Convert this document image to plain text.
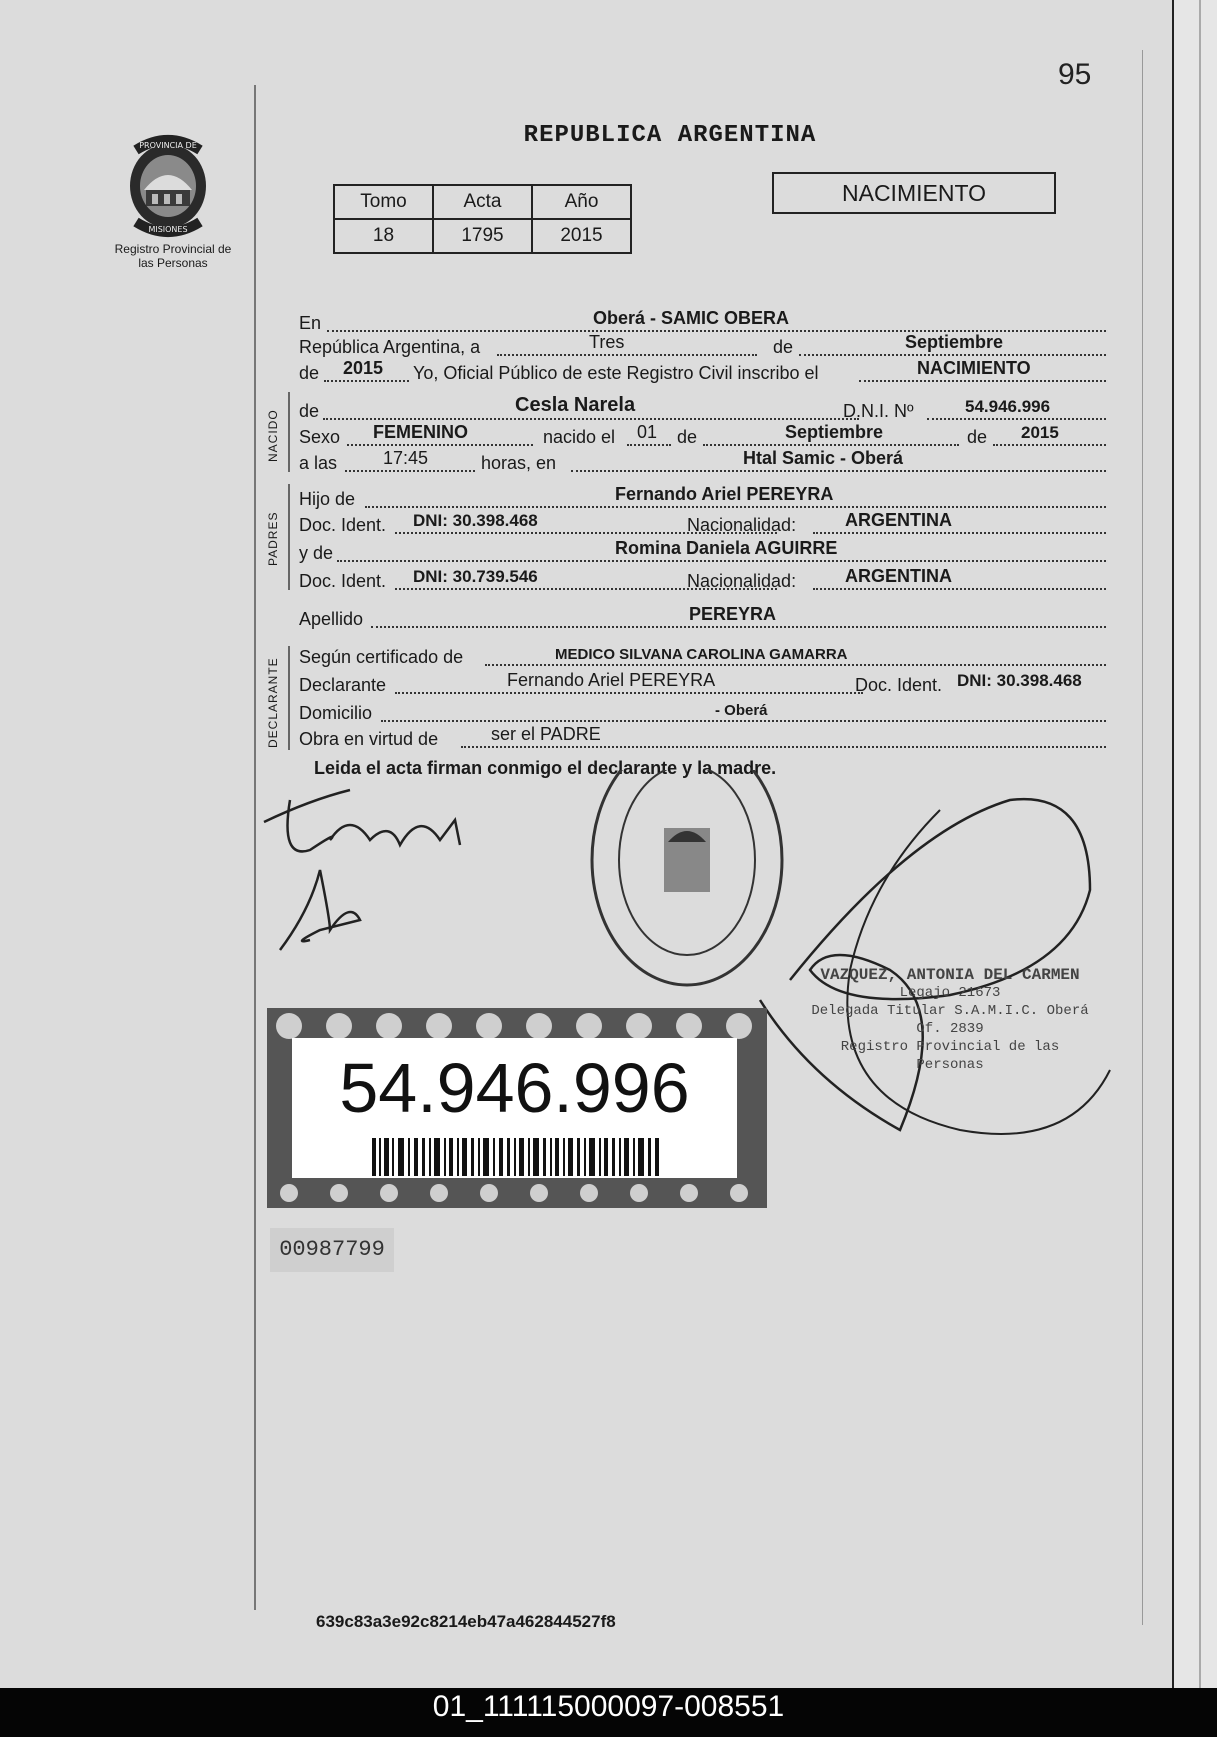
95
PROVINCIA DE
MISIONES
Registro Provincial de las Personas
REPUBLICA ARGENTINA
Tomo	Acta	Año
18	1795	2015
NACIMIENTO
En	Oberá - SAMIC OBERA
República Argentina, a	Tres	de	Septiembre
de 2015 Yo, Oficial Público de este Registro Civil inscribo el	NACIMIENTO
NACIDO de	Cesla Narela	D.N.I. Nº	54.946.996
Sexo FEMENINO	nacido el 01 de	Septiembre	de 2015
a las	17:45	horas, en	Htal Samic - Oberá
PADRES
Hijo de	Fernando Ariel PEREYRA
Doc. Ident. DNI: 30.398.468	Nacionalidad:	ARGENTINA
y de	Romina Daniela AGUIRRE
Doc. Ident. DNI: 30.739.546	Nacionalidad:	ARGENTINA
Apellido	PEREYRA
DECLARANTE
Según certificado de	MEDICO SILVANA CAROLINA GAMARRA
Declarante	Fernando Ariel PEREYRA	Doc. Ident. DNI: 30.398.468
Domicilio	- Oberá
Obra en virtud de	ser el PADRE
Leida el acta firman conmigo el declarante y la madre.
VAZQUEZ, ANTONIA DEL CARMEN
Legajo 21673
Delegada Titular S.A.M.I.C. Oberá Of. 2839
Registro Provincial de las Personas
54.946.996
00987799
639c83a3e92c8214eb47a462844527f8
01_111115000097-008551
